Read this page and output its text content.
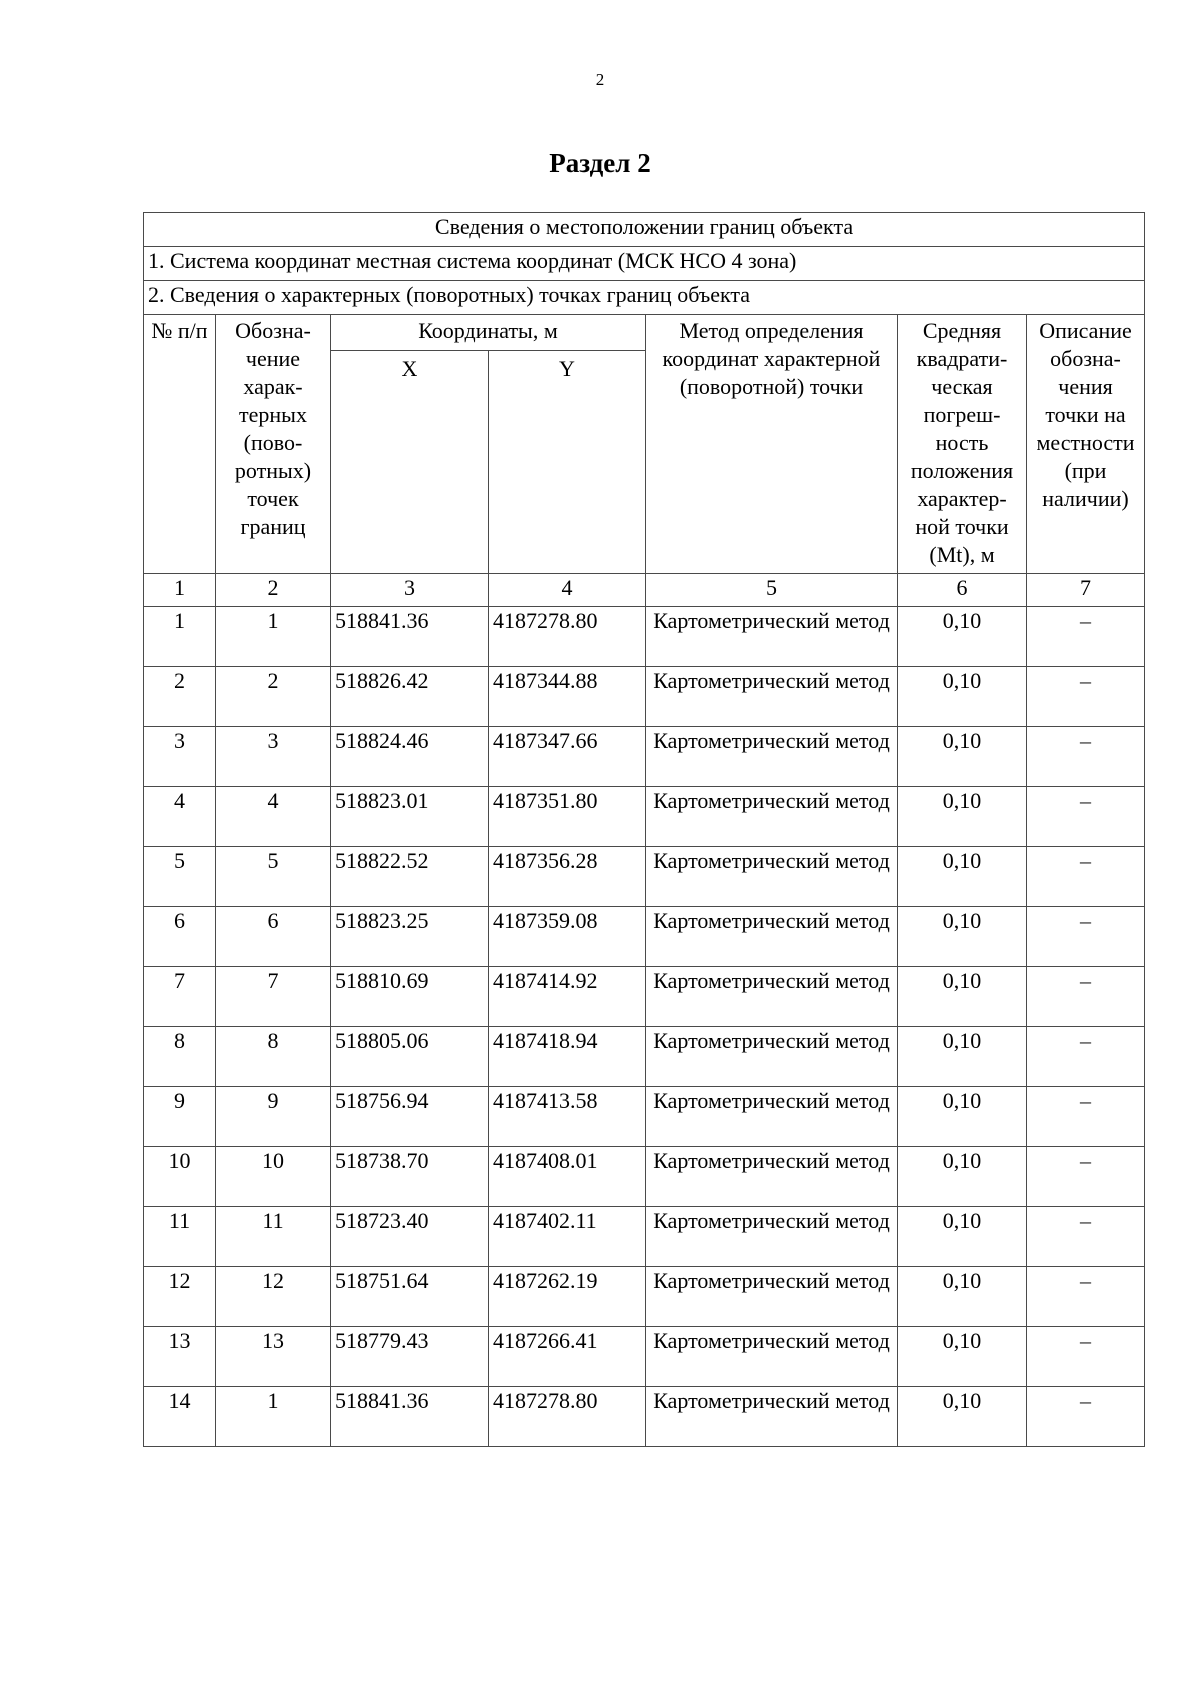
2
Раздел 2
Сведения о местоположении границ объекта						
1. Система координат местная система координат (МСК НСО 4 зона)						
2. Сведения о характерных (поворотных) точках границ объекта						
№ п/п	Обозна-чение харак-терных (пово-ротных) точек границ	Координаты, м		Метод определения координат характерной (поворотной) точки	Средняя квадрати-ческая погреш-ность положения характер-ной точки (Mt), м	Описание обозна-чения точки на местности (при наличии)
		X	Y			
1	2	3	4	5	6	7
1	1	518841.36	4187278.80	Картометрический метод	0,10	–
2	2	518826.42	4187344.88	Картометрический метод	0,10	–
3	3	518824.46	4187347.66	Картометрический метод	0,10	–
4	4	518823.01	4187351.80	Картометрический метод	0,10	–
5	5	518822.52	4187356.28	Картометрический метод	0,10	–
6	6	518823.25	4187359.08	Картометрический метод	0,10	–
7	7	518810.69	4187414.92	Картометрический метод	0,10	–
8	8	518805.06	4187418.94	Картометрический метод	0,10	–
9	9	518756.94	4187413.58	Картометрический метод	0,10	–
10	10	518738.70	4187408.01	Картометрический метод	0,10	–
11	11	518723.40	4187402.11	Картометрический метод	0,10	–
12	12	518751.64	4187262.19	Картометрический метод	0,10	–
13	13	518779.43	4187266.41	Картометрический метод	0,10	–
14	1	518841.36	4187278.80	Картометрический метод	0,10	–
